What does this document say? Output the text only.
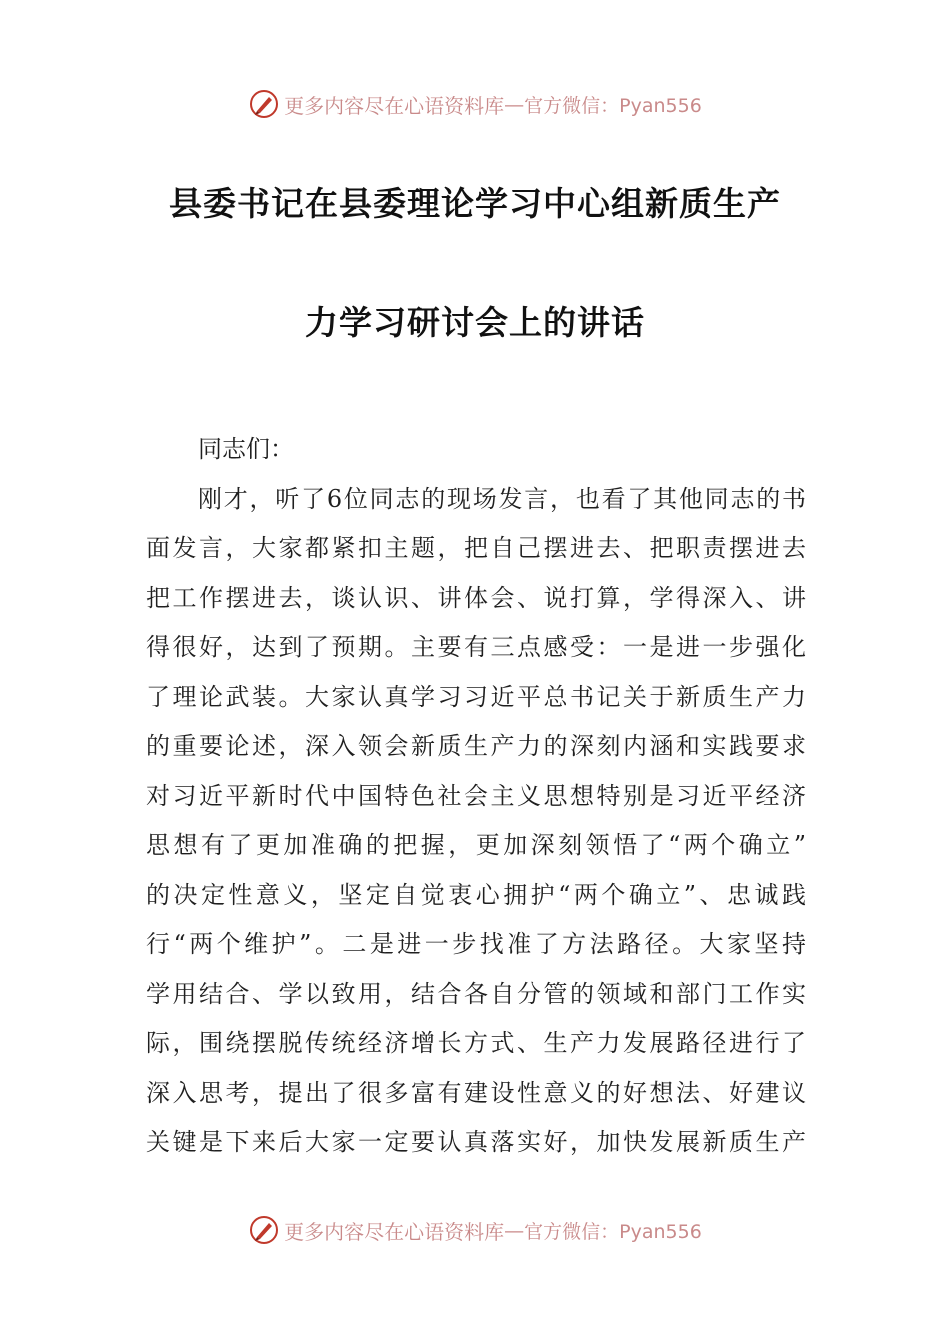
更多内容尽在心语资料库 — 官方微信：Pyan556
县委书记在县委理论学习中心组新质生产
力学习研讨会上的讲话
同志们：
刚才，听了6位同志的现场发言，也看了其他同志的书
面发言，大家都紧扣主题，把自己摆进去、把职责摆进去
把工作摆进去，谈认识、讲体会、说打算，学得深入、讲
得很好，达到了预期。主要有三点感受：一是进一步强化
了理论武装。大家认真学习习近平总书记关于新质生产力
的重要论述，深入领会新质生产力的深刻内涵和实践要求
对习近平新时代中国特色社会主义思想特别是习近平经济
思想有了更加准确的把握，更加深刻领悟了“两个确立”
的决定性意义，坚定自觉衷心拥护“两个确立”、忠诚践
行“两个维护”。二是进一步找准了方法路径。大家坚持
学用结合、学以致用，结合各自分管的领域和部门工作实
际，围绕摆脱传统经济增长方式、生产力发展路径进行了
深入思考，提出了很多富有建设性意义的好想法、好建议
关键是下来后大家一定要认真落实好，加快发展新质生产
更多内容尽在心语资料库 — 官方微信：Pyan556
